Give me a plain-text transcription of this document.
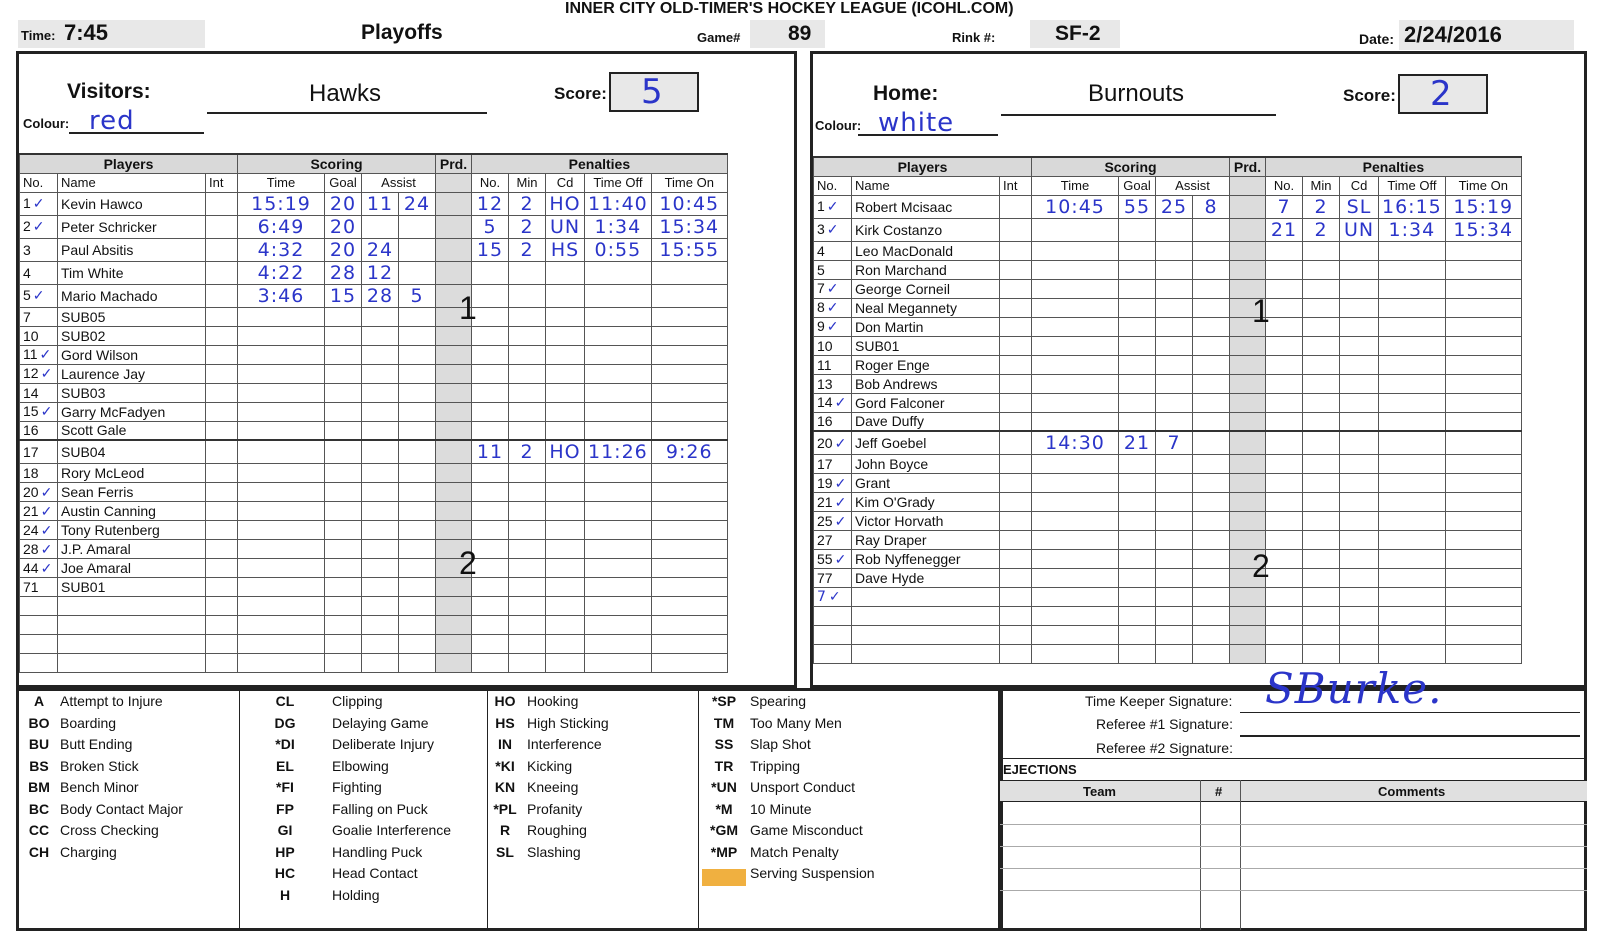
INNER CITY OLD-TIMER'S HOCKEY LEAGUE (ICOHL.COM)
Time: 7:45	Playoffs	Game# 89	Rink #:	SF-2	Date: 2/24/2016
Visitors:	Hawks	Score: 5
Colour: red
Home:	Burnouts	Score: 2
Colour: white
Players			Scoring				Prd.	Penalties				
No.	Name	Int	Time	Goal	Assist			No.	Min	Cd	Time Off	Time On
1 ✓	Kevin Hawco		15:19	20	11	24		12	2	HO	11:40	10:45
2 ✓	Peter Schricker		6:49	20				5	2	UN	1:34	15:34
3	Paul Absitis		4:32	20	24			15	2	HS	0:55	15:55
4	Tim White		4:22	28	12							
5 ✓	Mario Machado		3:46	15	28	5						
7	SUB05											
10	SUB02											
11 ✓	Gord Wilson											
12 ✓	Laurence Jay											
14	SUB03											
15 ✓	Garry McFadyen											
16	Scott Gale											
17	SUB04							11	2	HO	11:26	9:26
18	Rory McLeod											
20 ✓	Sean Ferris											
21 ✓	Austin Canning											
24 ✓	Tony Rutenberg											
28 ✓	J.P. Amaral											
44 ✓	Joe Amaral											
71	SUB01											

Players			Scoring				Prd.	Penalties				
No.	Name	Int	Time	Goal	Assist			No.	Min	Cd	Time Off	Time On
1 ✓	Robert Mcisaac		10:45	55	25	8		7	2	SL	16:15	15:19
3 ✓	Kirk Costanzo							21	2	UN	1:34	15:34
4	Leo MacDonald											
5	Ron Marchand											
7 ✓	George Corneil											
8 ✓	Neal Megannety											
9 ✓	Don Martin											
10	SUB01											
11	Roger Enge											
13	Bob Andrews											
14 ✓	Gord Falconer											
16	Dave Duffy											
20 ✓	Jeff Goebel		14:30	21	7							
17	John Boyce											
19 ✓	Grant											
21 ✓	Kim O'Grady											
25 ✓	Victor Horvath											
27	Ray Draper											
55 ✓	Rob Nyffenegger											
77	Dave Hyde											
7 ✓												

1
2
1
2
A	Attempt to Injure
BO Boarding
BU Butt Ending
BS Broken Stick
BM Bench Minor
BC Body Contact Major
CC Cross Checking
CH Charging
CL	Clipping
DG	Delaying Game
*DI	Deliberate Injury
EL	Elbowing
*FI	Fighting
FP	Falling on Puck
GI	Goalie Interference
HP	Handling Puck
HC	Head Contact
H	Holding
HO Hooking
HS High Sticking
IN	Interference
*KI Kicking
KN Kneeing
*PL Profanity
R	Roughing
SL Slashing
*SP Spearing
TM	Too Many Men
SS	Slap Shot
TR	Tripping
*UN Unsport Conduct
*M	10 Minute
*GM Game Misconduct
*MP Match Penalty
Serving Suspension
Time Keeper Signature: SBurke.
Referee #1 Signature:
Referee #2 Signature:
EJECTIONS
Team	#	Comments
